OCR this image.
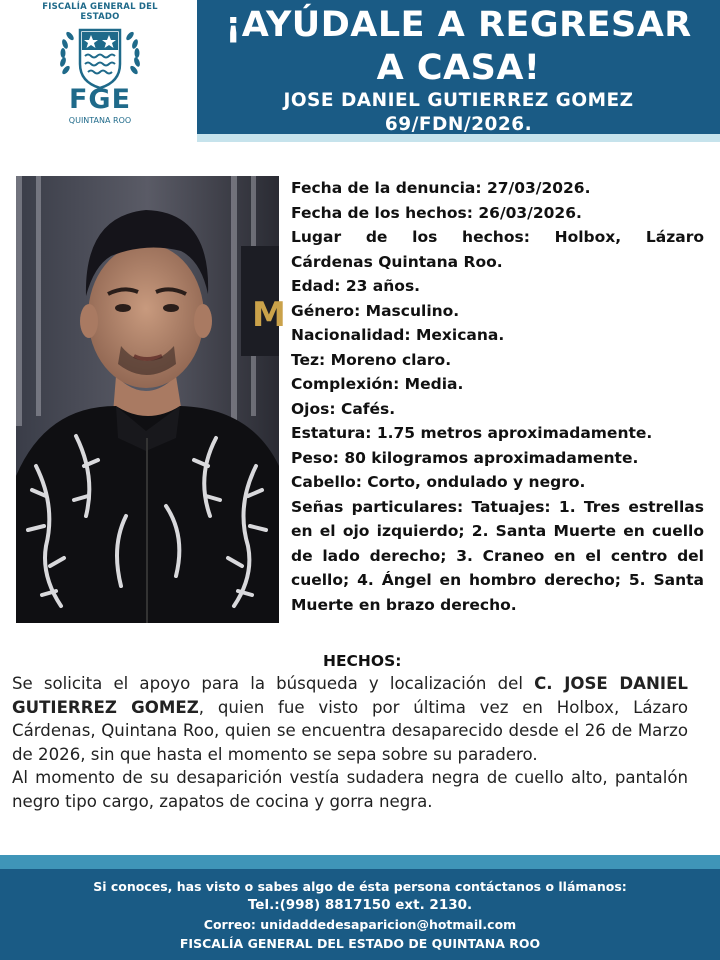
FISCALÍA GENERAL DEL ESTADO
FGE
QUINTANA ROO
¡AYÚDALE A REGRESAR
A CASA!
JOSE DANIEL GUTIERREZ GOMEZ
69/FDN/2026.
M
Fecha de la denuncia: 27/03/2026.
Fecha de los hechos: 26/03/2026.
Lugar de los hechos: Holbox, Lázaro
Cárdenas Quintana Roo.
Edad: 23 años.
Género: Masculino.
Nacionalidad: Mexicana.
Tez: Moreno claro.
Complexión: Media.
Ojos: Cafés.
Estatura: 1.75 metros aproximadamente.
Peso: 80 kilogramos aproximadamente.
Cabello: Corto, ondulado y negro.
Señas particulares: Tatuajes: 1. Tres estrellas en el ojo izquierdo; 2. Santa Muerte en cuello de lado derecho; 3. Craneo en el centro del cuello; 4. Ángel en hombro derecho; 5. Santa Muerte en brazo derecho.
HECHOS:

Se solicita el apoyo para la búsqueda y localización del C. JOSE DANIEL GUTIERREZ GOMEZ, quien fue visto por última vez en Holbox, Lázaro Cárdenas, Quintana Roo, quien se encuentra desaparecido desde el 26 de Marzo de 2026, sin que hasta el momento se sepa sobre su paradero.

Al momento de su desaparición vestía sudadera negra de cuello alto, pantalón negro tipo cargo, zapatos de cocina y gorra negra.

Si conoces, has visto o sabes algo de ésta persona contáctanos o llámanos:
Tel.:(998) 8817150 ext. 2130.
Correo: unidaddedesaparicion@hotmail.com
FISCALÍA GENERAL DEL ESTADO DE QUINTANA ROO
